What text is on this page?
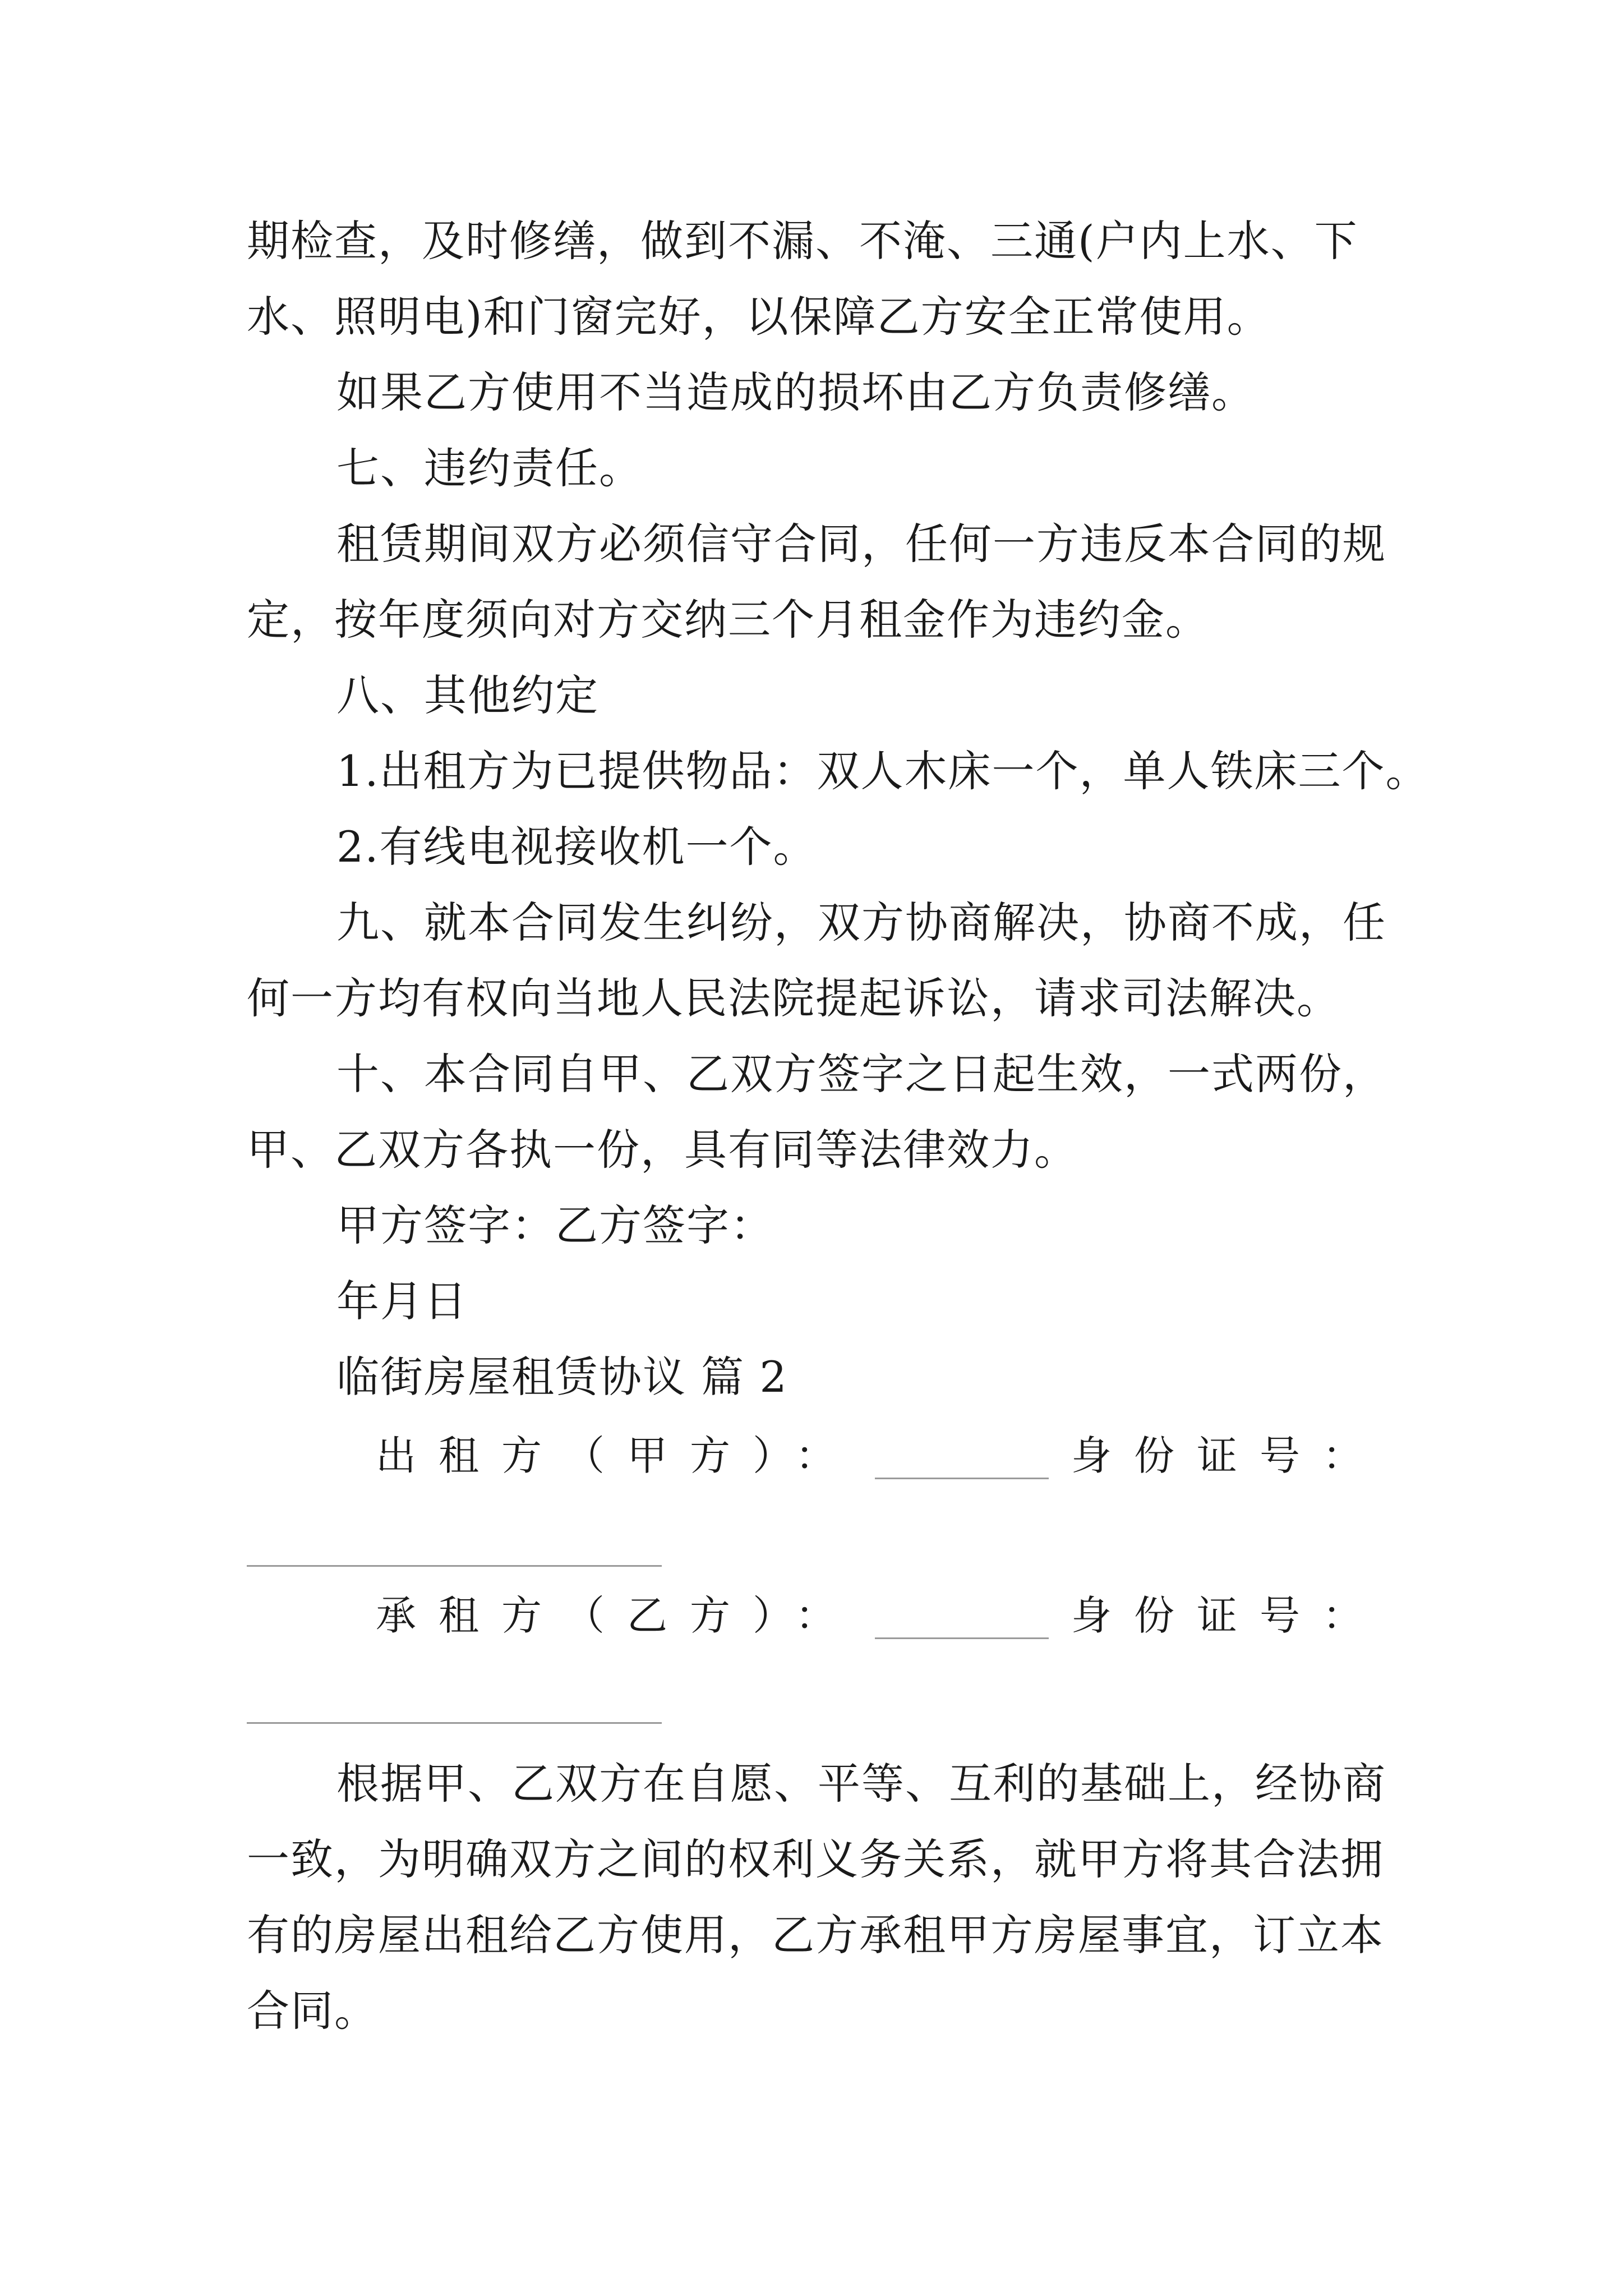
期检查，及时修缮，做到不漏、不淹、三通(户内上水、下
水、照明电)和门窗完好，以保障乙方安全正常使用。
如果乙方使用不当造成的损坏由乙方负责修缮。
七、违约责任。
租赁期间双方必须信守合同，任何一方违反本合同的规
定，按年度须向对方交纳三个月租金作为违约金。
八、其他约定
1.出租方为已提供物品：双人木床一个，单人铁床三个。
2.有线电视接收机一个。
九、就本合同发生纠纷，双方协商解决，协商不成，任
何一方均有权向当地人民法院提起诉讼，请求司法解决。
十、本合同自甲、乙双方签字之日起生效，一式两份，
甲、乙双方各执一份，具有同等法律效力。
甲方签字：乙方签字：
年月日
临街房屋租赁协议 篇 2
出租方（甲方）：	身份证号：
承租方（乙方）：	身份证号：
根据甲、乙双方在自愿、平等、互利的基础上，经协商
一致，为明确双方之间的权利义务关系，就甲方将其合法拥
有的房屋出租给乙方使用，乙方承租甲方房屋事宜，订立本
合同。
